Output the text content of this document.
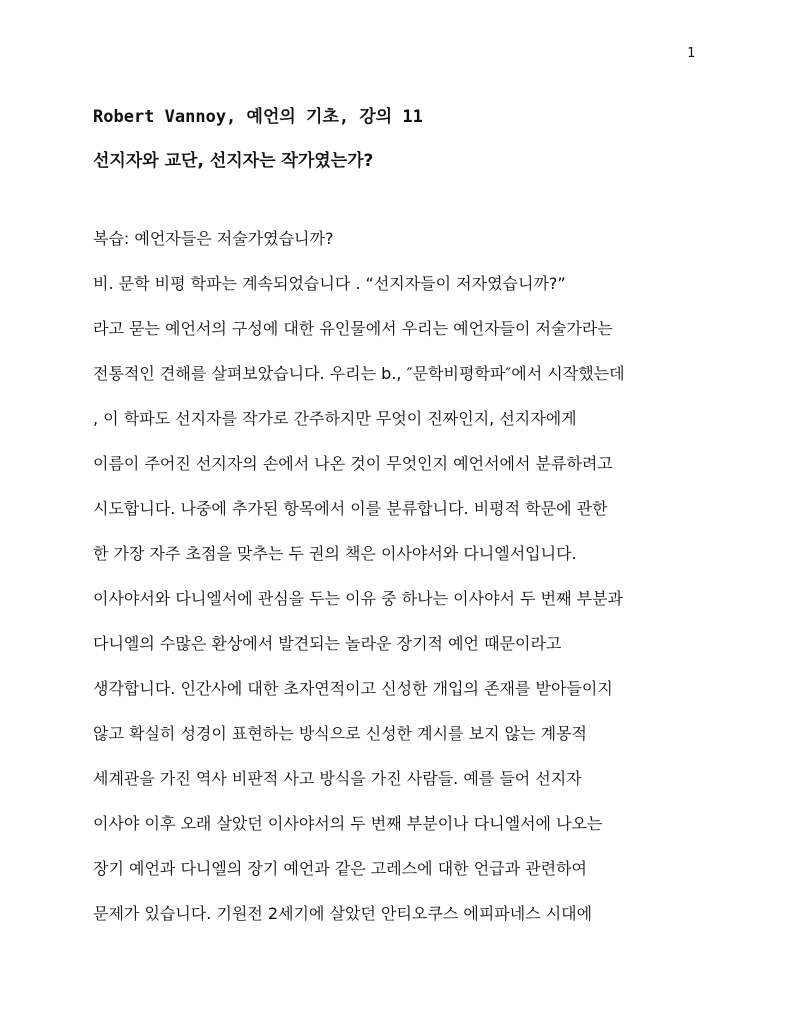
1
Robert Vannoy, 예언의 기초, 강의 11
선지자와 교단, 선지자는 작가였는가?
복습: 예언자들은 저술가였습니까?
비. 문학 비평 학파는 계속되었습니다 . “선지자들이 저자였습니까?”
라고 묻는 예언서의 구성에 대한 유인물에서 우리는 예언자들이 저술가라는
전통적인 견해를 살펴보았습니다. 우리는 b., ″문학비평학파″에서 시작했는데
, 이 학파도 선지자를 작가로 간주하지만 무엇이 진짜인지, 선지자에게
이름이 주어진 선지자의 손에서 나온 것이 무엇인지 예언서에서 분류하려고
시도합니다. 나중에 추가된 항목에서 이를 분류합니다. 비평적 학문에 관한
한 가장 자주 초점을 맞추는 두 권의 책은 이사야서와 다니엘서입니다.
이사야서와 다니엘서에 관심을 두는 이유 중 하나는 이사야서 두 번째 부분과
다니엘의 수많은 환상에서 발견되는 놀라운 장기적 예언 때문이라고
생각합니다. 인간사에 대한 초자연적이고 신성한 개입의 존재를 받아들이지
않고 확실히 성경이 표현하는 방식으로 신성한 계시를 보지 않는 계몽적
세계관을 가진 역사 비판적 사고 방식을 가진 사람들. 예를 들어 선지자
이사야 이후 오래 살았던 이사야서의 두 번째 부분이나 다니엘서에 나오는
장기 예언과 다니엘의 장기 예언과 같은 고레스에 대한 언급과 관련하여
문제가 있습니다. 기원전 2세기에 살았던 안티오쿠스 에피파네스 시대에
